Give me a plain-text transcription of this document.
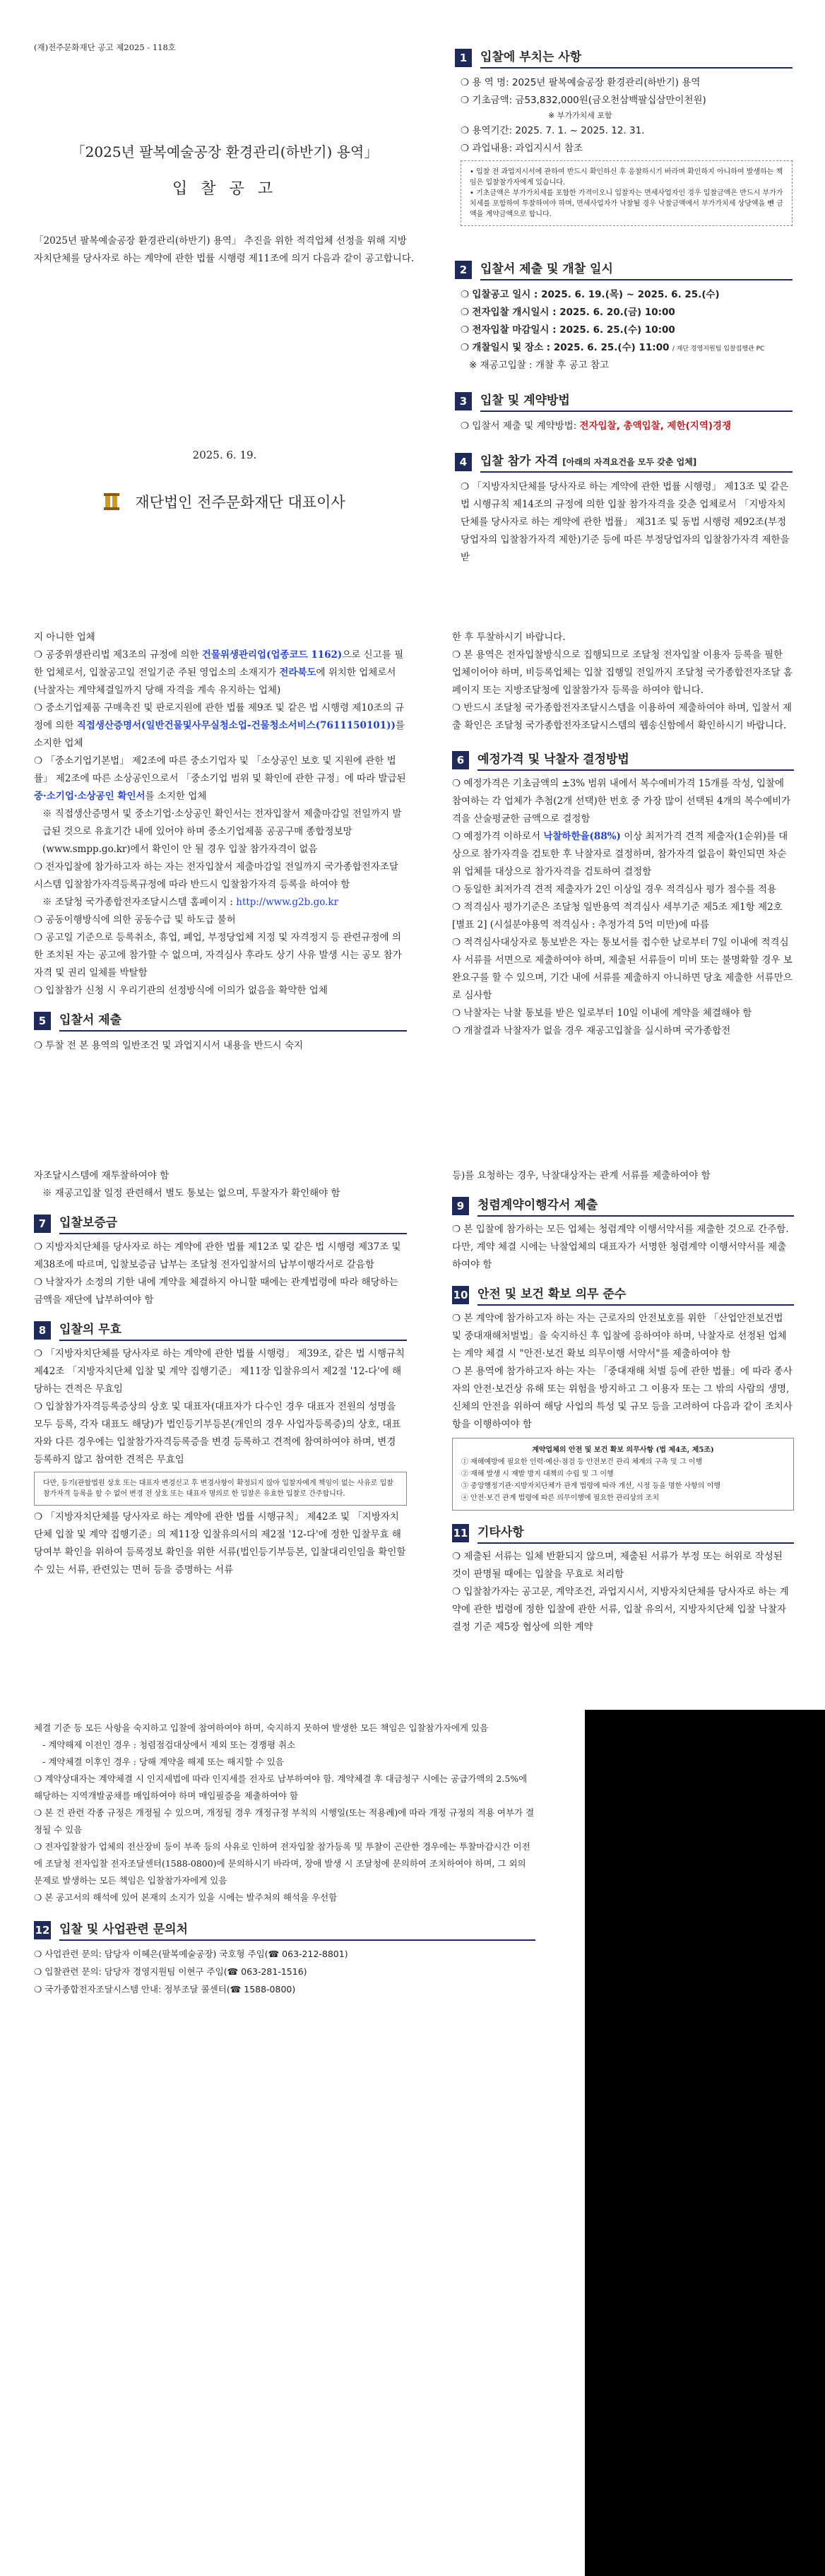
(재)전주문화재단 공고 제2025 - 118호

「2025년 팔복예술공장 환경관리(하반기) 용역」

입 찰 공 고

「2025년 팔복예술공장 환경관리(하반기) 용역」 추진을 위한 적격업체 선정을 위해 지방자치단체를 당사자로 하는 계약에 관한 법률 시행령 제11조에 의거 다음과 같이 공고합니다.

2025. 6. 19.

재단법인 전주문화재단 대표이사
1	입찰에 부치는 사항

❍ 용 역 명: 2025년 팔복예술공장 환경관리(하반기) 용역

❍ 기초금액: 금53,832,000원(금오천삼백팔십삼만이천원)

※ 부가가치세 포함

❍ 용역기간: 2025. 7. 1. ~ 2025. 12. 31.

❍ 과업내용: 과업지시서 참조

• 입찰 전 과업지시서에 관하여 반드시 확인하신 후 응찰하시기 바라며 확인하지 아니하여 발생하는 책임은 입찰참가자에게 있습니다.
• 기초금액은 부가가치세를 포함한 가격이오니 입찰자는 면세사업자인 경우 입찰금액은 반드시 부가가치세를 포함하여 투찰하여야 하며, 면세사업자가 낙찰될 경우 낙찰금액에서 부가가치세 상당액을 뺀 금액을 계약금액으로 합니다.
2	입찰서 제출 및 개찰 일시

❍ 입찰공고 일시 : 2025. 6. 19.(목) ~ 2025. 6. 25.(수)

❍ 전자입찰 개시일시 : 2025. 6. 20.(금) 10:00

❍ 전자입찰 마감일시 : 2025. 6. 25.(수) 10:00

❍ 개찰일시 및 장소 : 2025. 6. 25.(수) 11:00 / 재단 경영지원팀 입찰집행관 PC

※ 재공고입찰 : 개찰 후 공고 참고

3	입찰 및 계약방법

❍ 입찰서 제출 및 계약방법: 전자입찰, 총액입찰, 제한(지역)경쟁

4	입찰 참가 자격 [아래의 자격요건을 모두 갖춘 업체]

❍ 「지방자치단체를 당사자로 하는 계약에 관한 법률 시행령」 제13조 및 같은 법 시행규칙 제14조의 규정에 의한 입찰 참가자격을 갖춘 업체로서 「지방자치단체를 당사자로 하는 계약에 관한 법률」 제31조 및 동법 시행령 제92조(부정당업자의 입찰참가자격 제한)기준 등에 따른 부정당업자의 입찰참가자격 제한을 받

지 아니한 업체

❍ 공중위생관리법 제3조의 규정에 의한 건물위생관리업(업종코드 1162)으로 신고를 필한 업체로서, 입찰공고일 전일기준 주된 영업소의 소재지가 전라북도에 위치한 업체로서(낙찰자는 계약체결일까지 당해 자격을 계속 유지하는 업체)

❍ 중소기업제품 구매촉진 및 판로지원에 관한 법률 제9조 및 같은 법 시행령 제10조의 규정에 의한 직접생산증명서(일반건물및사무실청소업-건물청소서비스(7611150101))를 소지한 업체

❍ 「중소기업기본법」 제2조에 따른 중소기업자 및 「소상공인 보호 및 지원에 관한 법률」 제2조에 따른 소상공인으로서 「중소기업 범위 및 확인에 관한 규정」에 따라 발급된 중·소기업·소상공인 확인서를 소지한 업체

※ 직접생산증명서 및 중소기업·소상공인 확인서는 전자입찰서 제출마감일 전일까지 발급된 것으로 유효기간 내에 있어야 하며 중소기업제품 공공구매 종합정보망(www.smpp.go.kr)에서 확인이 안 될 경우 입찰 참가자격이 없음

❍ 전자입찰에 참가하고자 하는 자는 전자입찰서 제출마감일 전일까지 국가종합전자조달시스템 입찰참가자격등록규정에 따라 반드시 입찰참가자격 등록을 하여야 함

※ 조달청 국가종합전자조달시스템 홈페이지 : http://www.g2b.go.kr

❍ 공동이행방식에 의한 공동수급 및 하도급 불허

❍ 공고일 기준으로 등록취소, 휴업, 폐업, 부정당업체 지정 및 자격정지 등 관련규정에 의한 조치된 자는 공고에 참가할 수 없으며, 자격심사 후라도 상기 사유 발생 시는 공모 참가자격 및 권리 일체를 박탈함

❍ 입찰참가 신청 시 우리기관의 선정방식에 이의가 없음을 확약한 업체

5	입찰서 제출

❍ 투찰 전 본 용역의 일반조건 및 과업지시서 내용을 반드시 숙지

한 후 투찰하시기 바랍니다.

❍ 본 용역은 전자입찰방식으로 집행되므로 조달청 전자입찰 이용자 등록을 필한 업체이어야 하며, 비등록업체는 입찰 집행일 전일까지 조달청 국가종합전자조달 홈페이지 또는 지방조달청에 입찰참가자 등록을 하여야 합니다.

❍ 반드시 조달청 국가종합전자조달시스템을 이용하여 제출하여야 하며, 입찰서 제출 확인은 조달청 국가종합전자조달시스템의 웹송신함에서 확인하시기 바랍니다.

6	예정가격 및 낙찰자 결정방법

❍ 예정가격은 기초금액의 ±3% 범위 내에서 복수예비가격 15개를 작성, 입찰에 참여하는 각 업체가 추첨(2개 선택)한 번호 중 가장 많이 선택된 4개의 복수예비가격을 산술평균한 금액으로 결정함

❍ 예정가격 이하로서 낙찰하한율(88%) 이상 최저가격 견적 제출자(1순위)를 대상으로 참가자격을 검토한 후 낙찰자로 결정하며, 참가자격 없음이 확인되면 차순위 업체를 대상으로 참가자격을 검토하여 결정함

❍ 동일한 최저가격 견적 제출자가 2인 이상일 경우 적격심사 평가 점수를 적용

❍ 적격심사 평가기준은 조달청 일반용역 적격심사 세부기준 제5조 제1항 제2호 [별표 2] (시설분야용역 적격심사 : 추정가격 5억 미만)에 따름

❍ 적격심사대상자로 통보받은 자는 통보서를 접수한 날로부터 7일 이내에 적격심사 서류를 서면으로 제출하여야 하며, 제출된 서류들이 미비 또는 불명확할 경우 보완요구를 할 수 있으며, 기간 내에 서류를 제출하지 아니하면 당초 제출한 서류만으로 심사함

❍ 낙찰자는 낙찰 통보를 받은 일로부터 10일 이내에 계약을 체결해야 함

❍ 개찰결과 낙찰자가 없을 경우 재공고입찰을 실시하며 국가종합전

자조달시스템에 재투찰하여야 함

※ 재공고입찰 일정 관련해서 별도 통보는 없으며, 투찰자가 확인해야 함

7	입찰보증금

❍ 지방자치단체를 당사자로 하는 계약에 관한 법률 제12조 및 같은 법 시행령 제37조 및 제38조에 따르며, 입찰보증금 납부는 조달청 전자입찰서의 납부이행각서로 갈음함

❍ 낙찰자가 소정의 기한 내에 계약을 체결하지 아니할 때에는 관계법령에 따라 해당하는 금액을 재단에 납부하여야 함

8	입찰의 무효

❍ 「지방자치단체를 당사자로 하는 계약에 관한 법률 시행령」 제39조, 같은 법 시행규칙 제42조 「지방자치단체 입찰 및 계약 집행기준」 제11장 입찰유의서 제2절 '12-다'에 해당하는 견적은 무효임

❍ 입찰참가자격등록증상의 상호 및 대표자(대표자가 다수인 경우 대표자 전원의 성명을 모두 등록, 각자 대표도 해당)가 법인등기부등본(개인의 경우 사업자등록증)의 상호, 대표자와 다른 경우에는 입찰참가자격등록증을 변경 등록하고 견적에 참여하여야 하며, 변경 등록하지 않고 참여한 견적은 무효임

다만, 등기(관할법원 상호 또는 대표자 변경신고 후 변경사항이 확정되지 않아 입찰자에게 책임이 없는 사유로 입찰참가자격 등록을 할 수 없어 변경 전 상호 또는 대표자 명의로 한 입찰은 유효한 입찰로 간주합니다.

❍ 「지방자치단체를 당사자로 하는 계약에 관한 법률 시행규칙」 제42조 및 「지방자치단체 입찰 및 계약 집행기준」의 제11장 입찰유의서의 제2절 '12-다'에 정한 입찰무효 해당여부 확인을 위하여 등록정보 확인을 위한 서류(법인등기부등본, 입찰대리인임을 확인할 수 있는 서류, 관련있는 면허 등을 증명하는 서류

등)를 요청하는 경우, 낙찰대상자는 관계 서류를 제출하여야 함

9	청렴계약이행각서 제출

❍ 본 입찰에 참가하는 모든 업체는 청렴계약 이행서약서를 제출한 것으로 간주함. 다만, 계약 체결 시에는 낙찰업체의 대표자가 서명한 청렴계약 이행서약서를 제출하여야 함

10 안전 및 보건 확보 의무 준수

❍ 본 계약에 참가하고자 하는 자는 근로자의 안전보호를 위한 「산업안전보건법 및 중대재해처벌법」을 숙지하신 후 입찰에 응하여야 하며, 낙찰자로 선정된 업체는 계약 체결 시 "안전·보건 확보 의무이행 서약서"를 제출하여야 함

❍ 본 용역에 참가하고자 하는 자는 「중대재해 처벌 등에 관한 법률」에 따라 종사자의 안전·보건상 유해 또는 위험을 방지하고 그 이용자 또는 그 밖의 사람의 생명, 신체의 안전을 위하여 해당 사업의 특성 및 규모 등을 고려하여 다음과 같이 조치사항을 이행하여야 함

계약업체의 안전 및 보건 확보 의무사항 (법 제4조, 제5조)
① 재해예방에 필요한 인력·예산·점검 등 안전보건 관리 체계의 구축 및 그 이행
② 재해 발생 시 재발 방지 대책의 수립 및 그 이행
③ 중앙행정기관·지방자치단체가 관계 법령에 따라 개선, 시정 등을 명한 사항의 이행
④ 안전·보건 관계 법령에 따른 의무이행에 필요한 관리상의 조치
11 기타사항

❍ 제출된 서류는 일체 반환되지 않으며, 제출된 서류가 부정 또는 허위로 작성된 것이 판명될 때에는 입찰을 무효로 처리함

❍ 입찰참가자는 공고문, 계약조건, 과업지시서, 지방자치단체를 당사자로 하는 계약에 관한 법령에 정한 입찰에 관한 서류, 입찰 유의서, 지방자치단체 입찰 낙찰자결정 기준 제5장 협상에 의한 계약

체결 기준 등 모든 사항을 숙지하고 입찰에 참여하여야 하며, 숙지하지 못하여 발생한 모든 책임은 입찰참가자에게 있음

- 계약해제 이전인 경우 : 청렴점검대상에서 제외 또는 경쟁평 취소

- 계약체결 이후인 경우 : 당해 계약을 해제 또는 해지할 수 있음

❍ 계약상대자는 계약체결 시 인지세법에 따라 인지세를 전자로 납부하여야 함. 계약체결 후 대금청구 시에는 공급가액의 2.5%에 해당하는 지역개발공채를 매입하여야 하며 매입필증을 제출하여야 함

❍ 본 건 관련 각종 규정은 개정될 수 있으며, 개정될 경우 개정규정 부칙의 시행일(또는 적용례)에 따라 개정 규정의 적용 여부가 결정될 수 있음

❍ 전자입찰참가 업체의 전산장비 등이 부족 등의 사유로 인하여 전자입찰 참가등록 및 투찰이 곤란한 경우에는 투찰마감시간 이전에 조달청 전자입찰 전자조달센터(1588-0800)에 문의하시기 바라며, 장애 발생 시 조달청에 문의하여 조치하여야 하며, 그 외의 문제로 발생하는 모든 책임은 입찰참가자에게 있음

❍ 본 공고서의 해석에 있어 본재의 소지가 있을 시에는 발주처의 해석을 우선함

12 입찰 및 사업관련 문의처

❍ 사업관련 문의: 담당자 이혜은(팔복예술공장) 국호형 주임(☎ 063-212-8801)

❍ 입찰관련 문의: 담당자 경영지원팀 이현구 주임(☎ 063-281-1516)

❍ 국가종합전자조달시스템 안내: 정부조달 콜센터(☎ 1588-0800)
